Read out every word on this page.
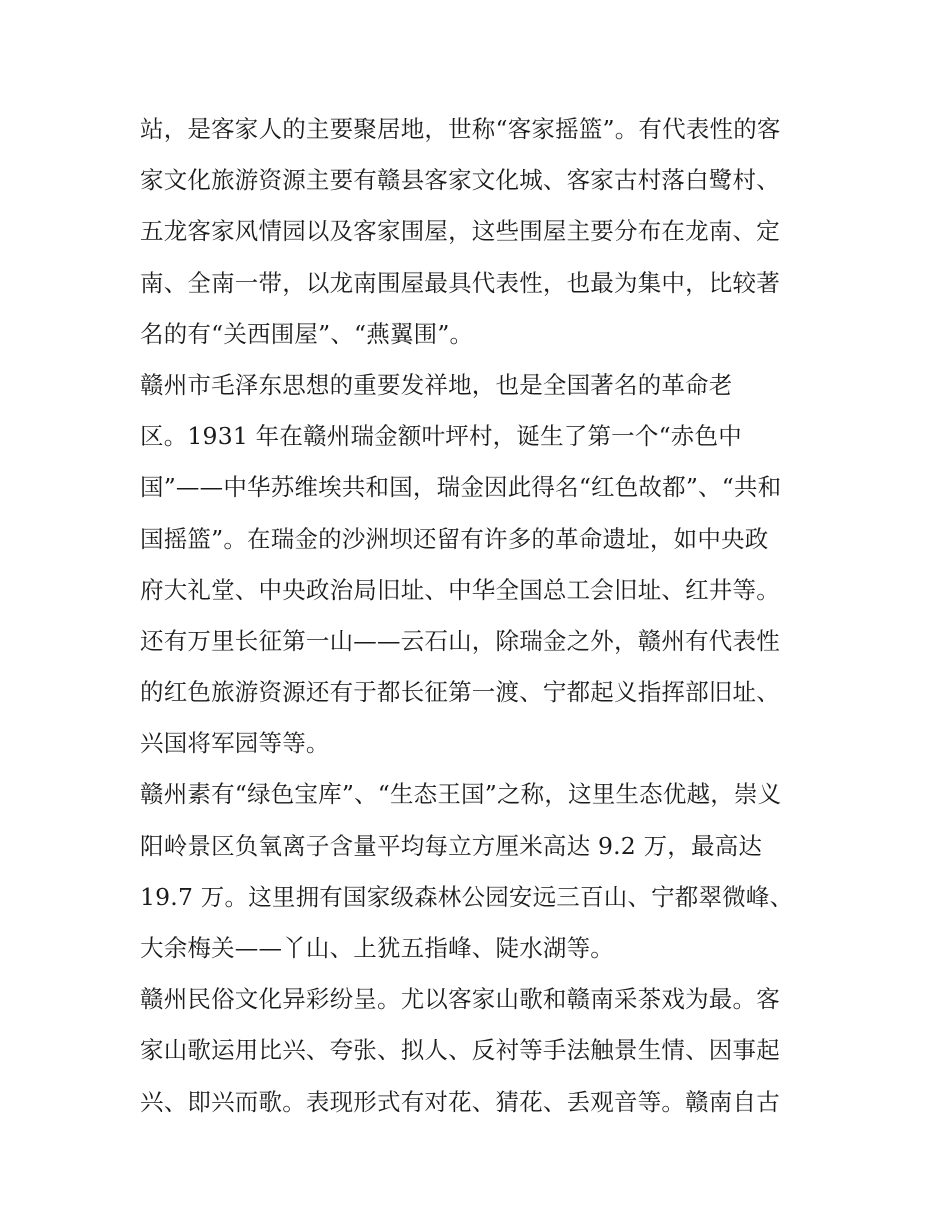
站，是客家人的主要聚居地，世称“客家摇篮”。有代表性的客
家文化旅游资源主要有赣县客家文化城、客家古村落白鹭村、
五龙客家风情园以及客家围屋，这些围屋主要分布在龙南、定
南、全南一带，以龙南围屋最具代表性，也最为集中，比较著
名的有“关西围屋”、“燕翼围”。
赣州市毛泽东思想的重要发祥地，也是全国著名的革命老
区。1931 年在赣州瑞金额叶坪村，诞生了第一个“赤色中
国”——中华苏维埃共和国，瑞金因此得名“红色故都”、“共和
国摇篮”。在瑞金的沙洲坝还留有许多的革命遗址，如中央政
府大礼堂、中央政治局旧址、中华全国总工会旧址、红井等。
还有万里长征第一山——云石山，除瑞金之外，赣州有代表性
的红色旅游资源还有于都长征第一渡、宁都起义指挥部旧址、
兴国将军园等等。
赣州素有“绿色宝库”、“生态王国”之称，这里生态优越，崇义
阳岭景区负氧离子含量平均每立方厘米高达 9.2 万，最高达
19.7 万。这里拥有国家级森林公园安远三百山、宁都翠微峰、
大余梅关——丫山、上犹五指峰、陡水湖等。
赣州民俗文化异彩纷呈。尤以客家山歌和赣南采茶戏为最。客
家山歌运用比兴、夸张、拟人、反衬等手法触景生情、因事起
兴、即兴而歌。表现形式有对花、猜花、丢观音等。赣南自古
